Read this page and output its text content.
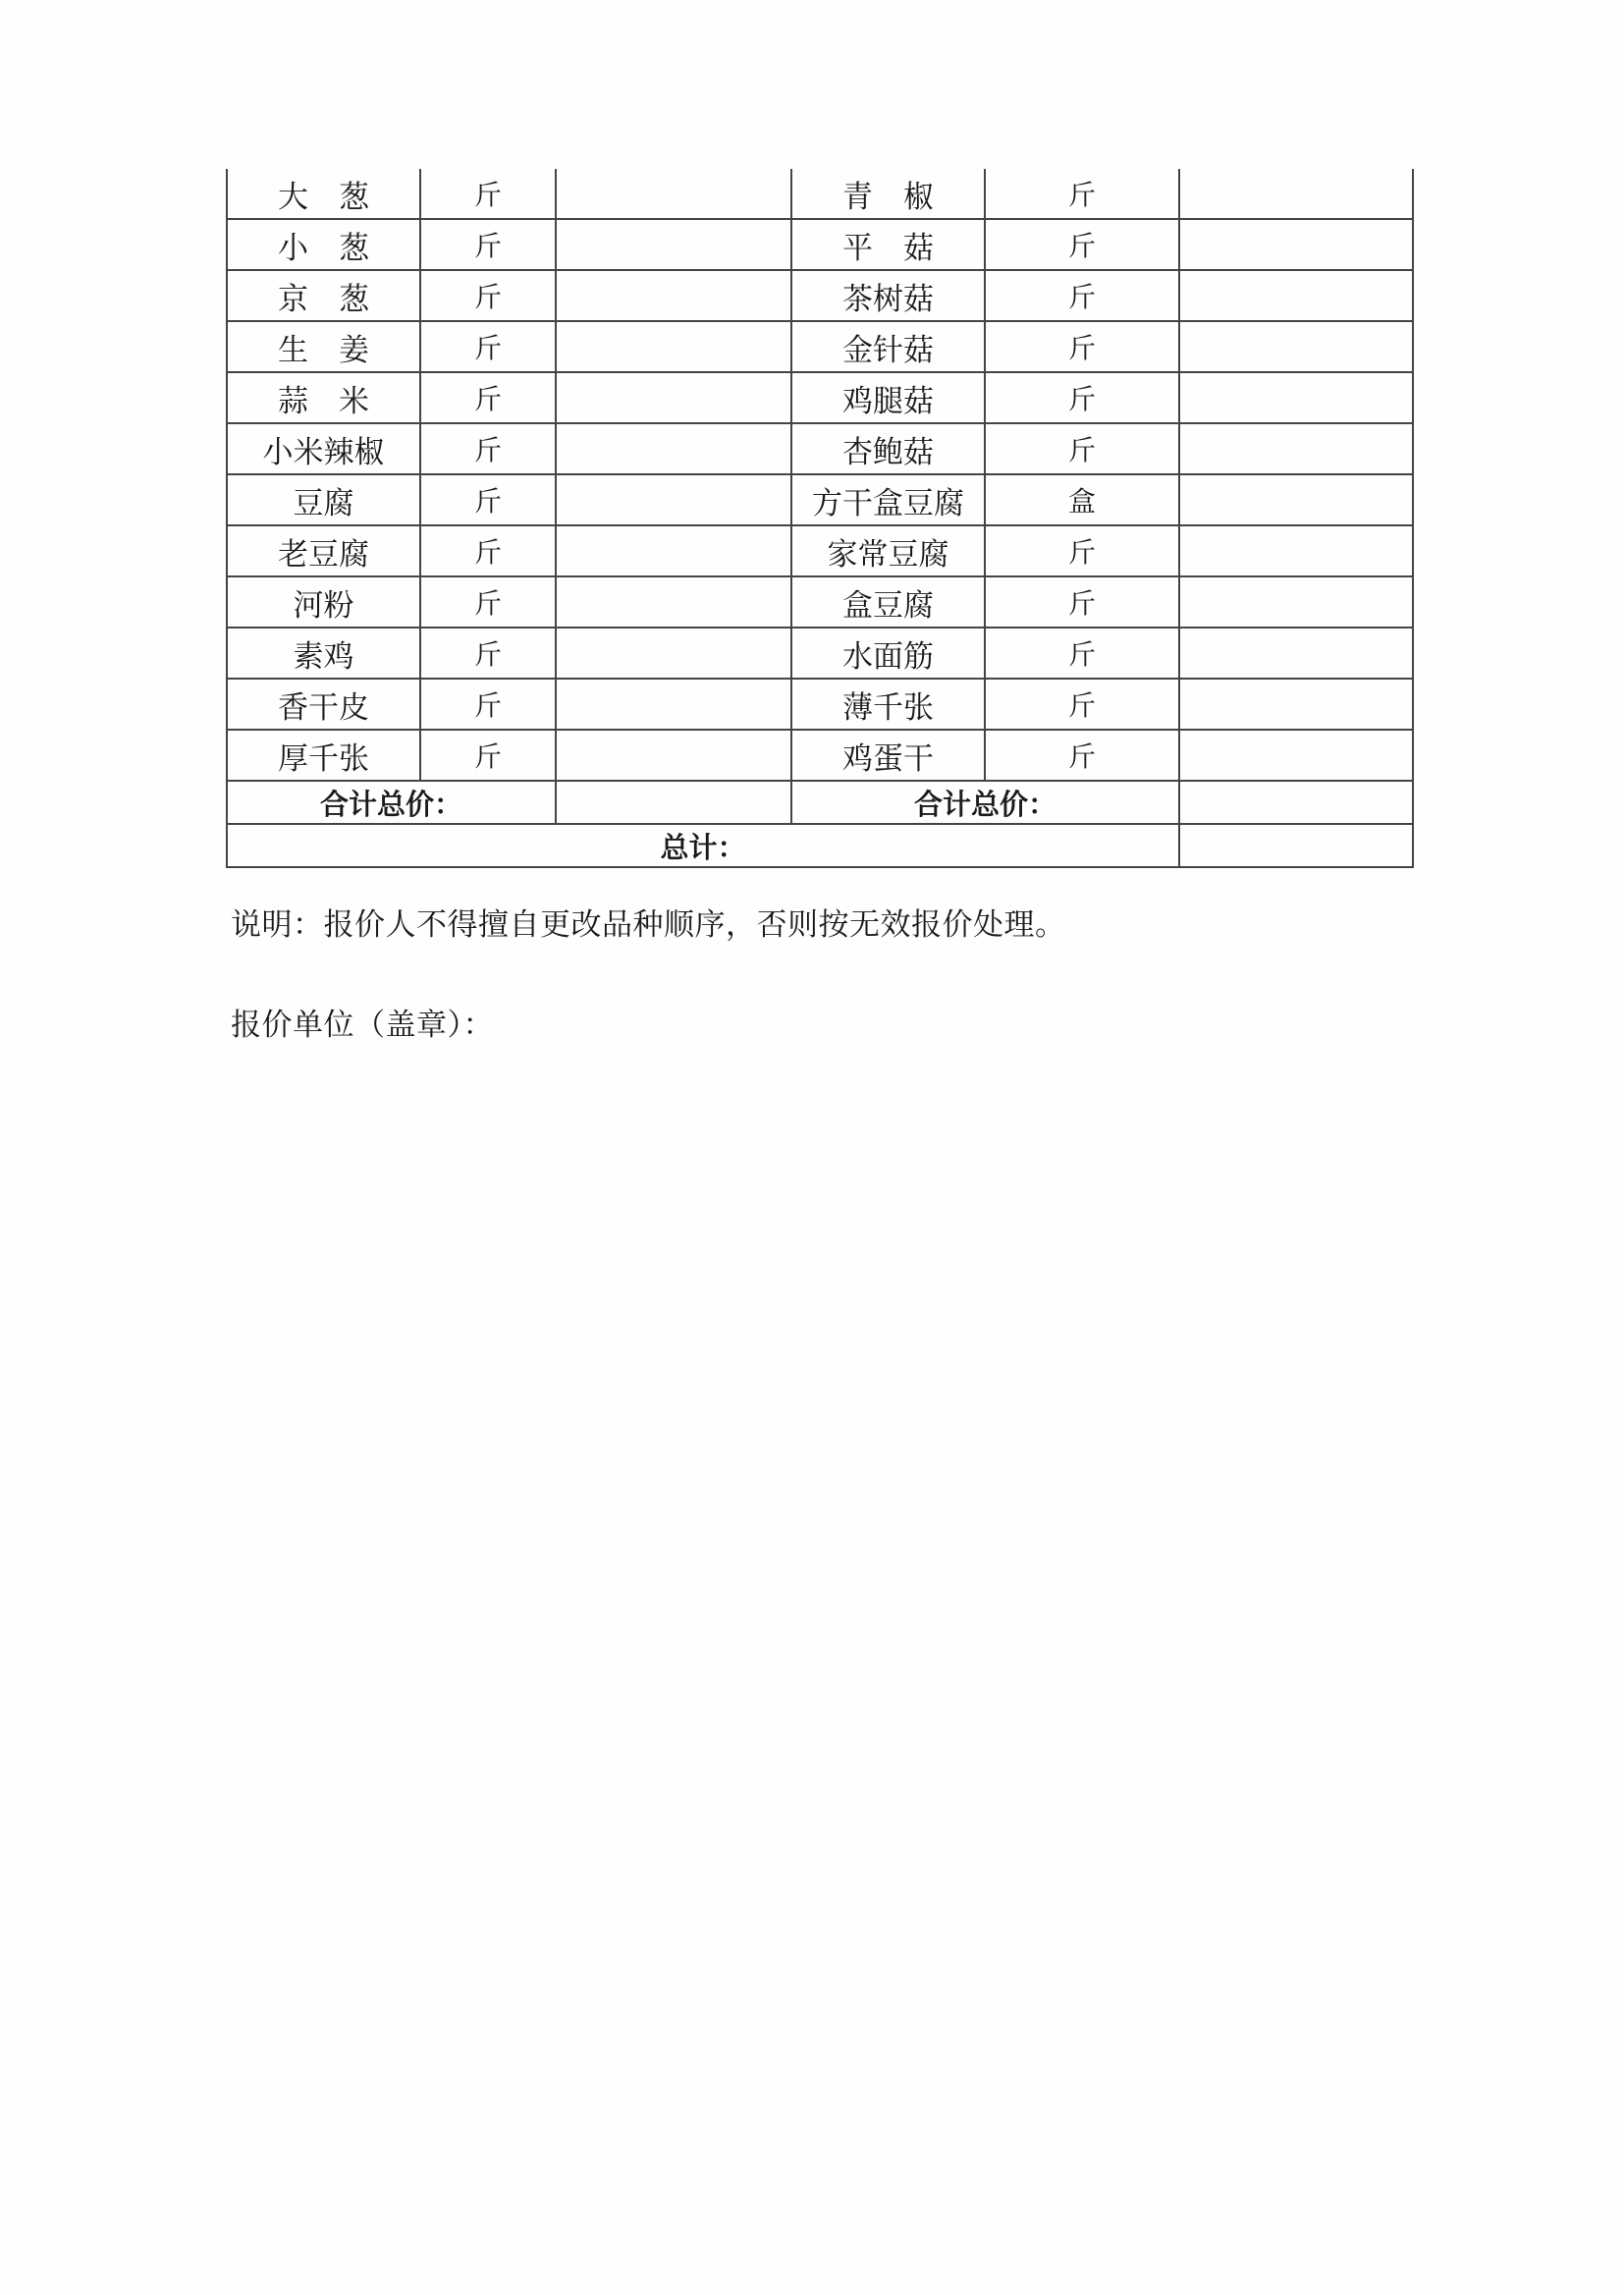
大　葱	斤		青　椒	斤	
小　葱	斤		平　菇	斤	
京　葱	斤		茶树菇	斤	
生　姜	斤		金针菇	斤	
蒜　米	斤		鸡腿菇	斤	
小米辣椒	斤		杏鲍菇	斤	
豆腐	斤		方干盒豆腐	盒	
老豆腐	斤		家常豆腐	斤	
河粉	斤		盒豆腐	斤	
素鸡	斤		水面筋	斤	
香干皮	斤		薄千张	斤	
厚千张	斤		鸡蛋干	斤	
合计总价：			合计总价：		
总计：					
说明：报价人不得擅自更改品种顺序，否则按无效报价处理。
报价单位（盖章）：
